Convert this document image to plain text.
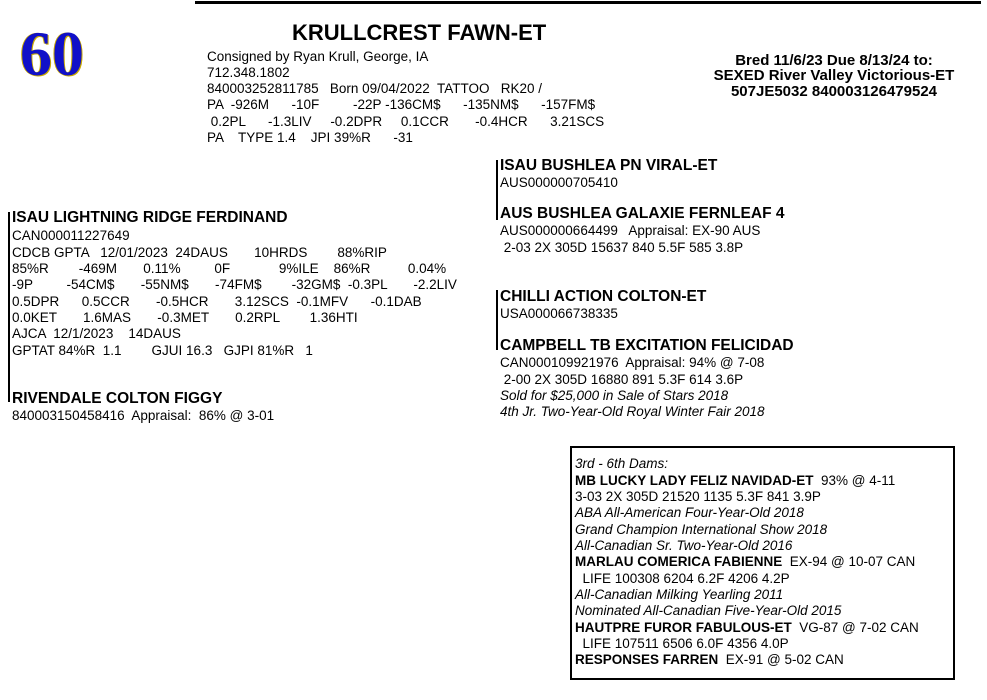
60	KRULLCREST FAWN-ET
Consigned by Ryan Krull, George, IA
712.348.1802
840003252811785   Born 09/04/2022  TATTOO   RK20 /
PA  -926M      -10F         -22P -136CM$      -135NM$      -157FM$
0.2PL      -1.3LIV     -0.2DPR     0.1CCR       -0.4HCR      3.21SCS
PA    TYPE 1.4    JPI 39%R      -31
Bred 11/6/23 Due 8/13/24 to:
SEXED River Valley Victorious-ET
507JE5032 840003126479524
ISAU BUSHLEA PN VIRAL-ET
AUS000000705410
AUS BUSHLEA GALAXIE FERNLEAF 4
AUS000000664499   Appraisal: EX-90 AUS
2-03 2X 305D 15637 840 5.5F 585 3.8P
ISAU LIGHTNING RIDGE FERDINAND
CAN000011227649
CDCB GPTA   12/01/2023  24DAUS       10HRDS        88%RIP
85%R        -469M       0.11%         0F             9%ILE    86%R          0.04%
-9P         -54CM$       -55NM$       -74FM$        -32GM$  -0.3PL       -2.2LIV
0.5DPR      0.5CCR       -0.5HCR       3.12SCS  -0.1MFV      -0.1DAB
0.0KET       1.6MAS       -0.3MET       0.2RPL        1.36HTI
AJCA  12/1/2023    14DAUS
GPTAT 84%R  1.1        GJUI 16.3   GJPI 81%R   1
RIVENDALE COLTON FIGGY
840003150458416  Appraisal:  86% @ 3-01
CHILLI ACTION COLTON-ET
USA000066738335
CAMPBELL TB EXCITATION FELICIDAD
CAN000109921976  Appraisal: 94% @ 7-08
2-00 2X 305D 16880 891 5.3F 614 3.6P
Sold for $25,000 in Sale of Stars 2018
4th Jr. Two-Year-Old Royal Winter Fair 2018
3rd - 6th Dams:
MB LUCKY LADY FELIZ NAVIDAD-ET  93% @ 4-11
3-03 2X 305D 21520 1135 5.3F 841 3.9P
ABA All-American Four-Year-Old 2018
Grand Champion International Show 2018
All-Canadian Sr. Two-Year-Old 2016
MARLAU COMERICA FABIENNE  EX-94 @ 10-07 CAN
LIFE 100308 6204 6.2F 4206 4.2P
All-Canadian Milking Yearling 2011
Nominated All-Canadian Five-Year-Old 2015
HAUTPRE FUROR FABULOUS-ET  VG-87 @ 7-02 CAN
LIFE 107511 6506 6.0F 4356 4.0P
RESPONSES FARREN  EX-91 @ 5-02 CAN
